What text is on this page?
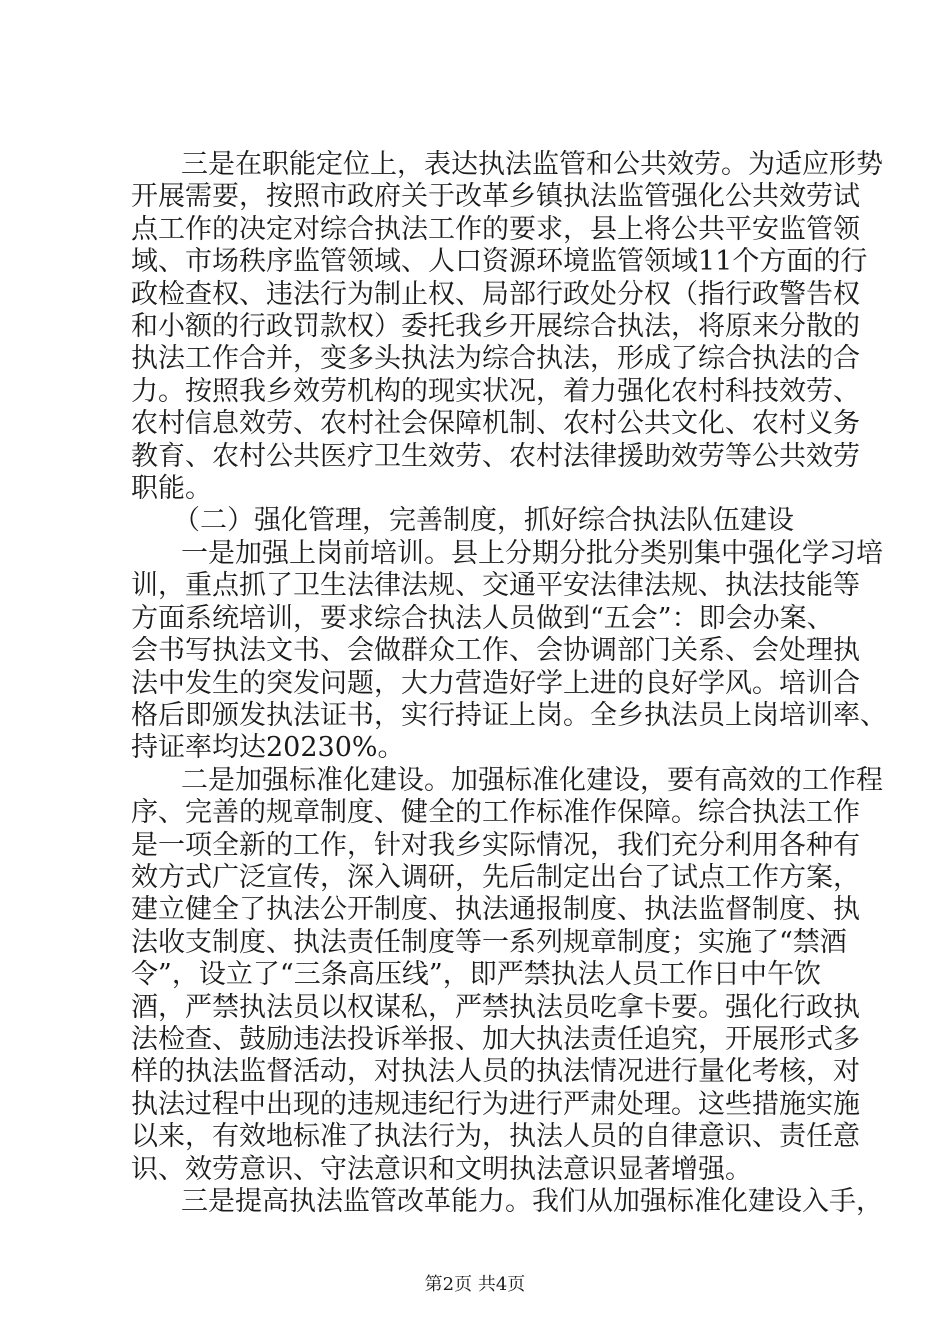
三是在职能定位上，表达执法监管和公共效劳。为适应形势
开展需要，按照市政府关于改革乡镇执法监管强化公共效劳试
点工作的决定对综合执法工作的要求，县上将公共平安监管领
域、市场秩序监管领域、人口资源环境监管领域11个方面的行
政检查权、违法行为制止权、局部行政处分权（指行政警告权
和小额的行政罚款权）委托我乡开展综合执法，将原来分散的
执法工作合并，变多头执法为综合执法，形成了综合执法的合
力。按照我乡效劳机构的现实状况，着力强化农村科技效劳、
农村信息效劳、农村社会保障机制、农村公共文化、农村义务
教育、农村公共医疗卫生效劳、农村法律援助效劳等公共效劳
职能。
（二）强化管理，完善制度，抓好综合执法队伍建设
一是加强上岗前培训。县上分期分批分类别集中强化学习培
训，重点抓了卫生法律法规、交通平安法律法规、执法技能等
方面系统培训，要求综合执法人员做到“五会”：即会办案、
会书写执法文书、会做群众工作、会协调部门关系、会处理执
法中发生的突发问题，大力营造好学上进的良好学风。培训合
格后即颁发执法证书，实行持证上岗。全乡执法员上岗培训率、
持证率均达20230%。
二是加强标准化建设。加强标准化建设，要有高效的工作程
序、完善的规章制度、健全的工作标准作保障。综合执法工作
是一项全新的工作，针对我乡实际情况，我们充分利用各种有
效方式广泛宣传，深入调研，先后制定出台了试点工作方案，
建立健全了执法公开制度、执法通报制度、执法监督制度、执
法收支制度、执法责任制度等一系列规章制度；实施了“禁酒
令”，设立了“三条高压线”，即严禁执法人员工作日中午饮
酒，严禁执法员以权谋私，严禁执法员吃拿卡要。强化行政执
法检查、鼓励违法投诉举报、加大执法责任追究，开展形式多
样的执法监督活动，对执法人员的执法情况进行量化考核，对
执法过程中出现的违规违纪行为进行严肃处理。这些措施实施
以来，有效地标准了执法行为，执法人员的自律意识、责任意
识、效劳意识、守法意识和文明执法意识显著增强。
三是提高执法监管改革能力。我们从加强标准化建设入手，
第2页 共4页
